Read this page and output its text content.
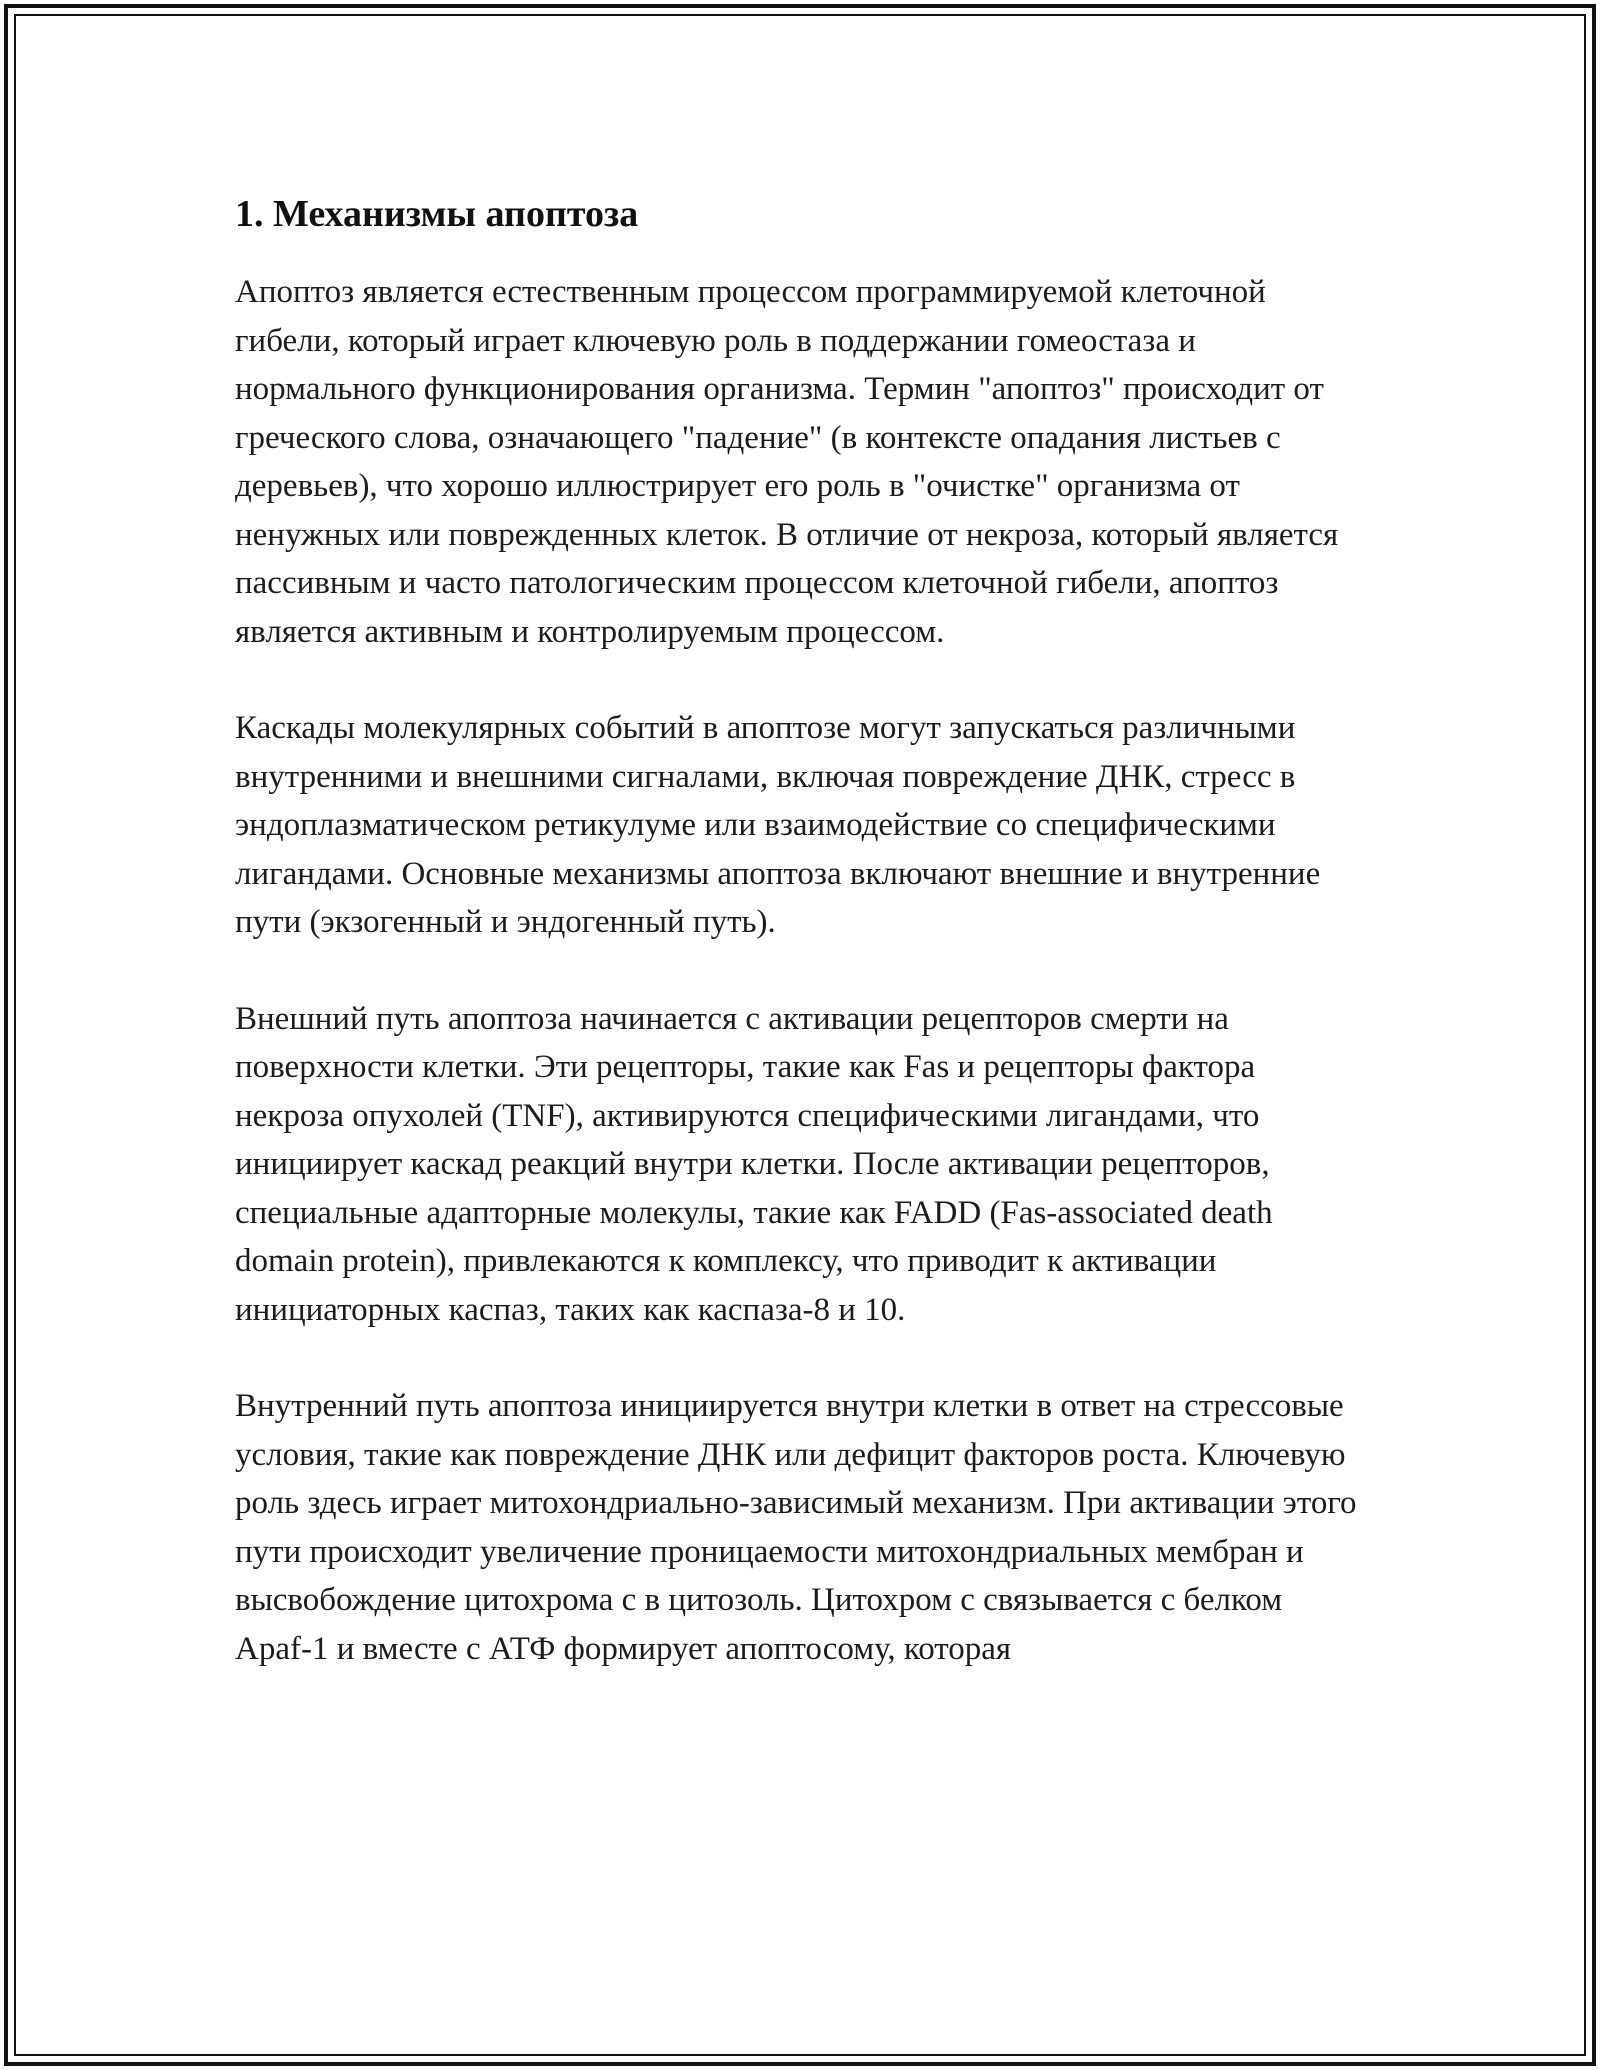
1. Механизмы апоптоза

Апоптоз является естественным процессом программируемой клеточной гибели, который играет ключевую роль в поддержании гомеостаза и нормального функционирования организма. Термин "апоптоз" происходит от греческого слова, означающего "падение" (в контексте опадания листьев с деревьев), что хорошо иллюстрирует его роль в "очистке" организма от ненужных или поврежденных клеток. В отличие от некроза, который является пассивным и часто патологическим процессом клеточной гибели, апоптоз является активным и контролируемым процессом.

Каскады молекулярных событий в апоптозе могут запускаться различными внутренними и внешними сигналами, включая повреждение ДНК, стресс в эндоплазматическом ретикулуме или взаимодействие со специфическими лигандами. Основные механизмы апоптоза включают внешние и внутренние пути (экзогенный и эндогенный путь).

Внешний путь апоптоза начинается с активации рецепторов смерти на поверхности клетки. Эти рецепторы, такие как Fas и рецепторы фактора некроза опухолей (TNF), активируются специфическими лигандами, что инициирует каскад реакций внутри клетки. После активации рецепторов, специальные адапторные молекулы, такие как FADD (Fas-associated death domain protein), привлекаются к комплексу, что приводит к активации инициаторных каспаз, таких как каспаза-8 и 10.

Внутренний путь апоптоза инициируется внутри клетки в ответ на стрессовые условия, такие как повреждение ДНК или дефицит факторов роста. Ключевую роль здесь играет митохондриально-зависимый механизм. При активации этого пути происходит увеличение проницаемости митохондриальных мембран и высвобождение цитохрома с в цитозоль. Цитохром с связывается с белком Apaf-1 и вместе с АТФ формирует апоптосому, которая
